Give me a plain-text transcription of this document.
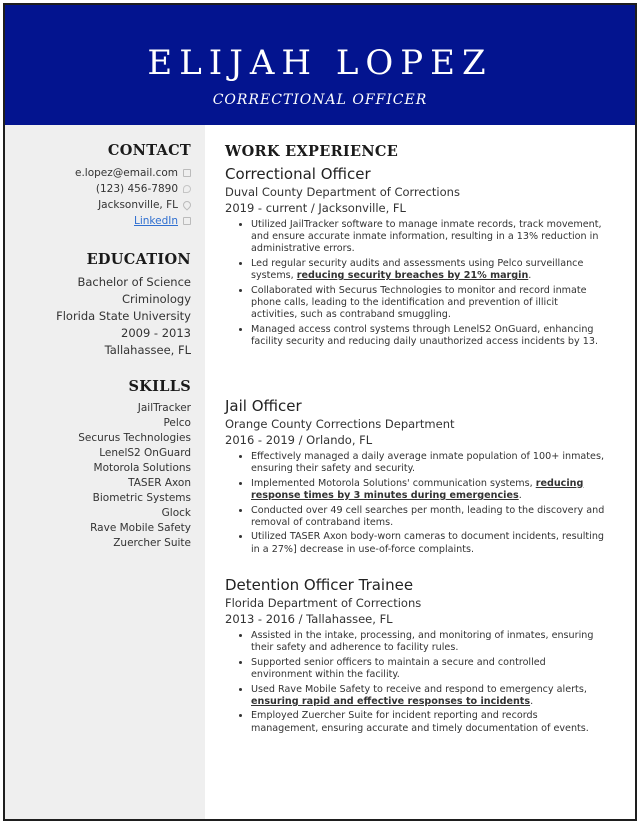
ELIJAH LOPEZ
CORRECTIONAL OFFICER
CONTACT
e.lopez@email.com
(123) 456-7890
Jacksonville, FL
LinkedIn
EDUCATION
Bachelor of Science
Criminology
Florida State University
2009 - 2013
Tallahassee, FL
SKILLS
JailTracker
Pelco
Securus Technologies
LenelS2 OnGuard
Motorola Solutions
TASER Axon
Biometric Systems
Glock
Rave Mobile Safety
Zuercher Suite
WORK EXPERIENCE
Correctional Officer
Duval County Department of Corrections
2019 - current / Jacksonville, FL
• Utilized JailTracker software to manage inmate records, track movement, and ensure accurate inmate information, resulting in a 13% reduction in administrative errors.
• Led regular security audits and assessments using Pelco surveillance systems, reducing security breaches by 21% margin.
• Collaborated with Securus Technologies to monitor and record inmate phone calls, leading to the identification and prevention of illicit activities, such as contraband smuggling.
• Managed access control systems through LenelS2 OnGuard, enhancing facility security and reducing daily unauthorized access incidents by 13.
Jail Officer
Orange County Corrections Department
2016 - 2019 / Orlando, FL
• Effectively managed a daily average inmate population of 100+ inmates, ensuring their safety and security.
• Implemented Motorola Solutions' communication systems, reducing response times by 3 minutes during emergencies.
• Conducted over 49 cell searches per month, leading to the discovery and removal of contraband items.
• Utilized TASER Axon body-worn cameras to document incidents, resulting in a 27%] decrease in use-of-force complaints.
Detention Officer Trainee
Florida Department of Corrections
2013 - 2016 / Tallahassee, FL
• Assisted in the intake, processing, and monitoring of inmates, ensuring their safety and adherence to facility rules.
• Supported senior officers to maintain a secure and controlled environment within the facility.
• Used Rave Mobile Safety to receive and respond to emergency alerts, ensuring rapid and effective responses to incidents.
• Employed Zuercher Suite for incident reporting and records management, ensuring accurate and timely documentation of events.
